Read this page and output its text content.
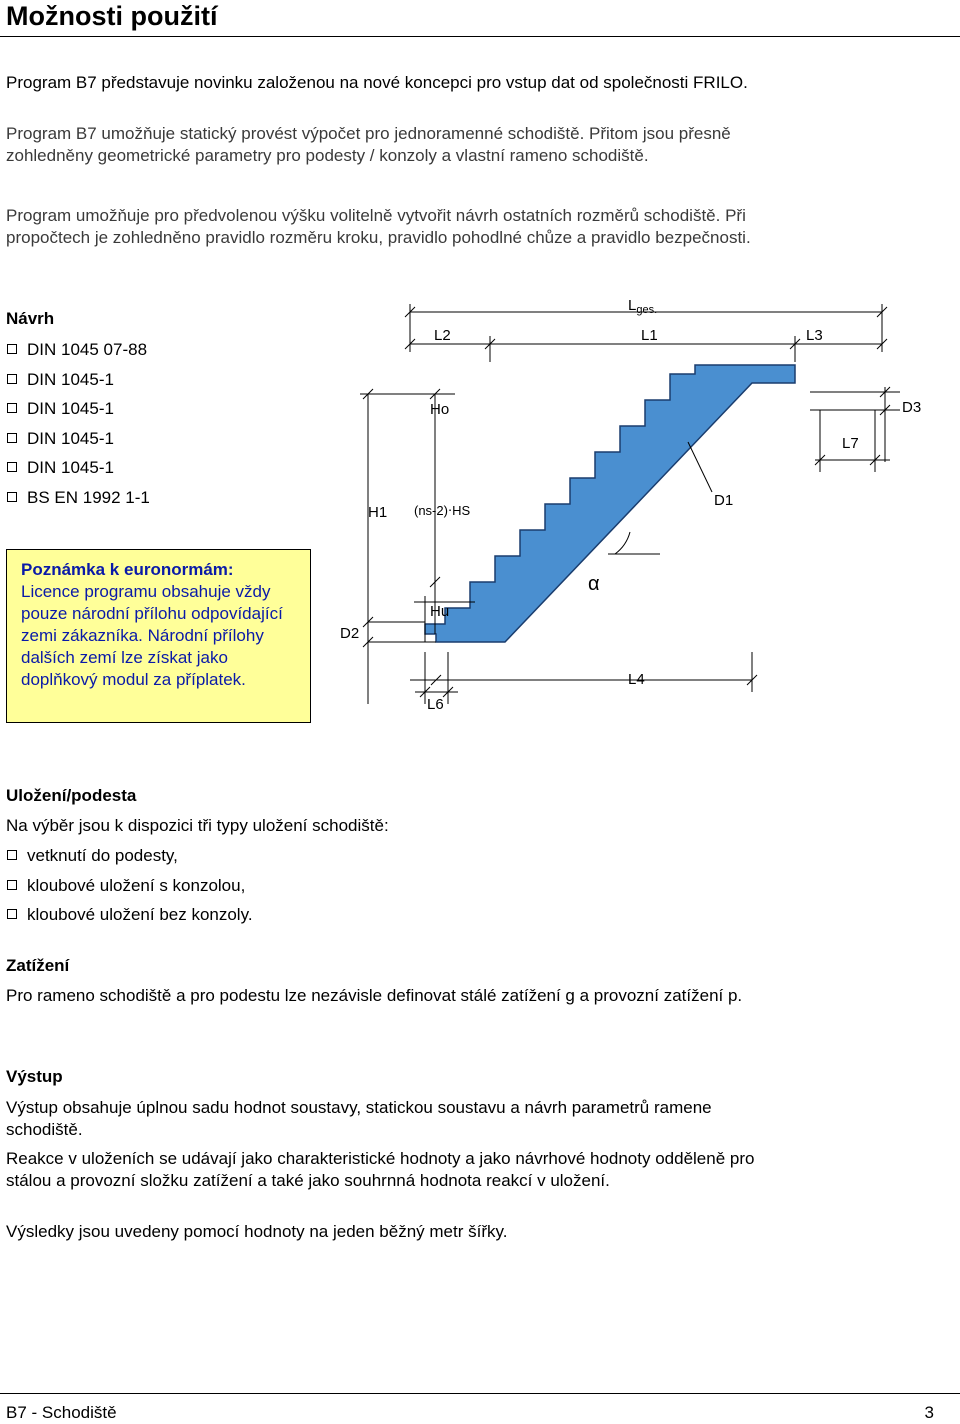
Možnosti použití

Program B7 představuje novinku založenou na nové koncepci pro vstup dat od společnosti FRILO.

Program B7 umožňuje statický provést výpočet pro jednoramenné schodiště. Přitom jsou přesně zohledněny geometrické parametry pro podesty / konzoly a vlastní rameno schodiště.

Program umožňuje pro předvolenou výšku volitelně vytvořit návrh ostatních rozměrů schodiště. Při propočtech je zohledněno pravidlo rozměru kroku, pravidlo pohodlné chůze a pravidlo bezpečnosti.

Návrh
DIN 1045 07-88
DIN 1045-1
DIN 1045-1
DIN 1045-1
DIN 1045-1
BS EN 1992 1-1

Poznámka k euronormám:

Licence programu obsahuje vždy pouze národní přílohu odpovídající zemi zákazníka. Národní přílohy dalších zemí lze získat jako doplňkový modul za příplatek.

$L_{ges.}$
L2	L1	L3
Ho	D3
L7
D1
H1 (ns-2)⋅HS
α
Hu
D2
L4
L6
Uložení/podesta

Na výběr jsou k dispozici tři typy uložení schodiště:

vetknutí do podesty,
kloubové uložení s konzolou,
kloubové uložení bez konzoly.
Zatížení

Pro rameno schodiště a pro podestu lze nezávisle definovat stálé zatížení g a provozní zatížení p.

Výstup

Výstup obsahuje úplnou sadu hodnot soustavy, statickou soustavu a návrh parametrů ramene schodiště.

Reakce v uloženích se udávají jako charakteristické hodnoty a jako návrhové hodnoty odděleně pro stálou a provozní složku zatížení a také jako souhrnná hodnota reakcí v uložení.

Výsledky jsou uvedeny pomocí hodnoty na jeden běžný metr šířky.

B7 - Schodiště	3
